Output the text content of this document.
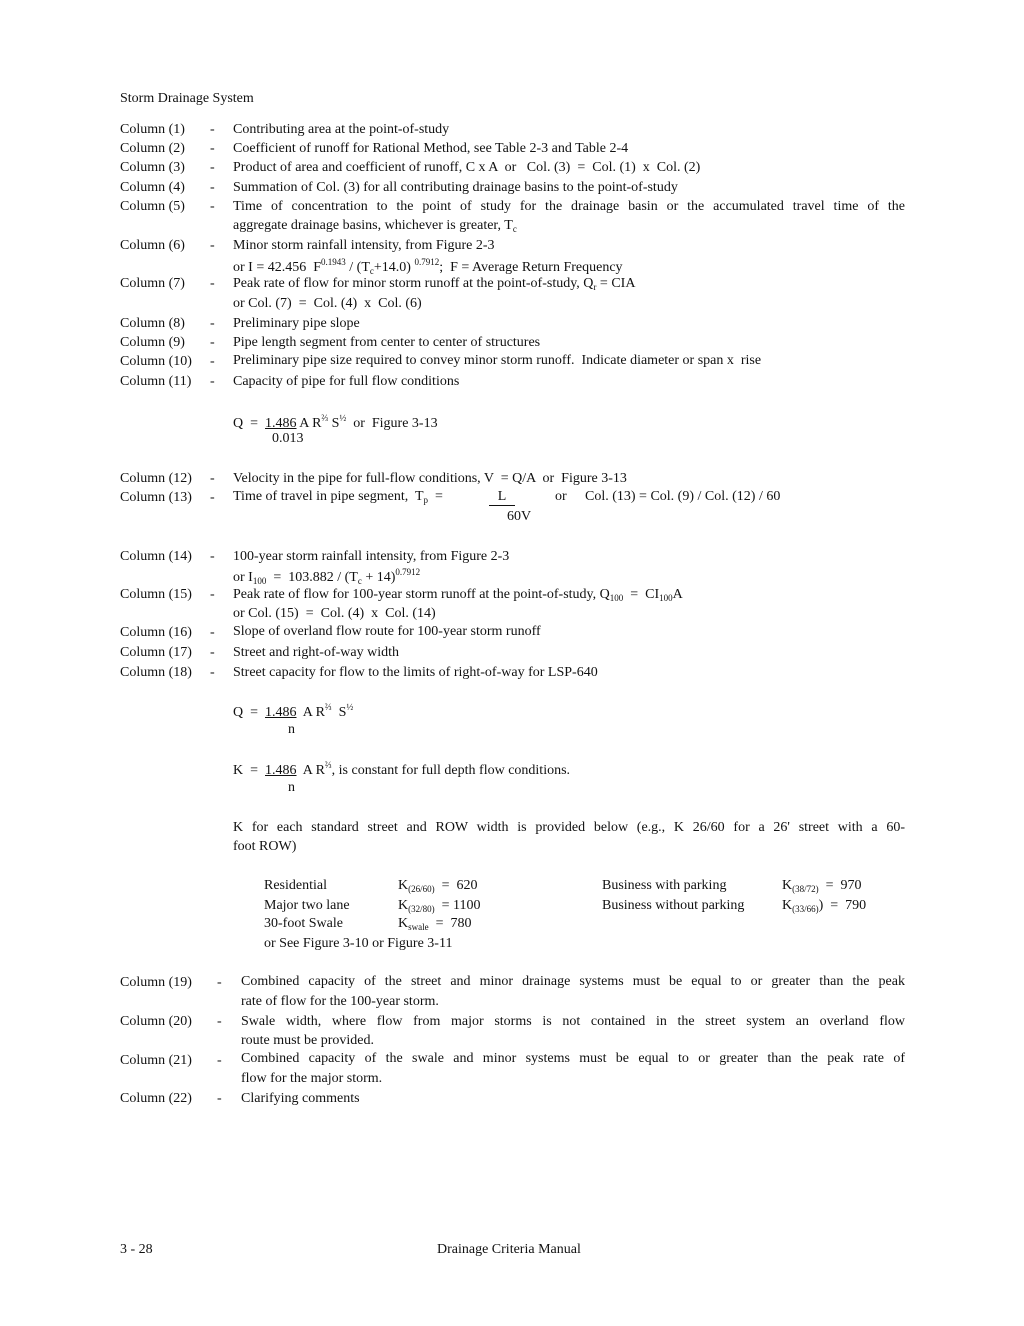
Storm Drainage System
Column (1) - Contributing area at the point-of-study
Column (2) - Coefficient of runoff for Rational Method, see Table 2-3 and Table 2-4
Column (3) - Product of area and coefficient of runoff, C x A  or   Col. (3)  =  Col. (1)  x  Col. (2)
Column (4) - Summation of Col. (3) for all contributing drainage basins to the point-of-study
Column (5) - Time of concentration to the point of study for the drainage basin or the accumulated travel time of the
aggregate drainage basins, whichever is greater, $T_c$
Column (6) - Minor storm rainfall intensity, from Figure 2-3
or I = 42.456  $F^{0.1943} / (T_c+14.0)$ $^{0.7912}$;  F = Average Return Frequency
Column (7) - Peak rate of flow for minor storm runoff at the point-of-study, $Q_r$ = CIA
or Col. (7)  =  Col. (4)  x  Col. (6)
Column (8) - Preliminary pipe slope
Column (9) - Pipe length segment from center to center of structures
Column (10) - Preliminary pipe size required to convey minor storm runoff.  Indicate diameter or span x  rise
Column (11) - Capacity of pipe for full flow conditions
Q  = 1.486 A $R^{\frac{2}{3}}$ $S^{\frac{1}{2}}$  or  Figure 3-13
0.013
Column (12) - Velocity in the pipe for full-flow conditions, V  = Q/A  or  Figure 3-13
Column (13) - Time of travel in pipe segment,  $T_p$  =	L	or Col. (13) = Col. (9) / Col. (12) / 60
60V
Column (14) - 100-year storm rainfall intensity, from Figure 2-3
or $I_{100} = 103.882 / (T_c + 14)^{0.7912}$
Column (15) - Peak rate of flow for 100-year storm runoff at the point-of-study, $Q_{100} = CI_{100}A$
or Col. (15)  =  Col. (4)  x  Col. (14)
Column (16) - Slope of overland flow route for 100-year storm runoff
Column (17) - Street and right-of-way width
Column (18) - Street capacity for flow to the limits of right-of-way for LSP-640
Q  = 1.486  A $R^{\frac{2}{3}}$  $S^{\frac{1}{2}}$
n
K  = 1.486  A $R^{\frac{2}{3}}$, is constant for full depth flow conditions.
n
K for each standard street and ROW width is provided below (e.g., K 26/60 for a 26' street with a 60-
foot ROW)
Residential	$K_{(26/60)} = 620$	Business with parking	$K_{(38/72)} = 970$
Major two lane	$K_{(32/80)} = 1100$	Business without parking	$K_{(33/66)}) = 790$
30-foot Swale	$K_{swale} = 780$
or See Figure 3-10 or Figure 3-11
Column (19) - Combined capacity of the street and minor drainage systems must be equal to or greater than the peak
rate of flow for the 100-year storm.
Column (20) - Swale width, where flow from major storms is not contained in the street system an overland flow
route must be provided.
Column (21) - Combined capacity of the swale and minor systems must be equal to or greater than the peak rate of
flow for the major storm.
Column (22) - Clarifying comments
3 - 28	Drainage Criteria Manual
